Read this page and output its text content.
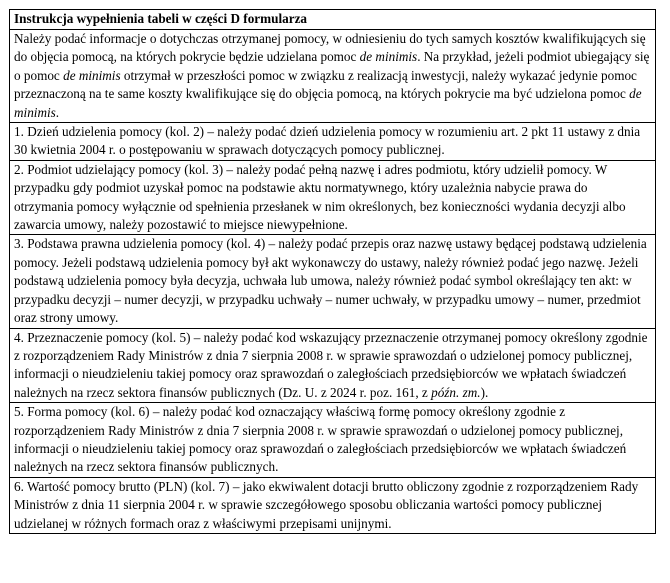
Instrukcja wypełnienia tabeli w części D formularza
Należy podać informacje o dotychczas otrzymanej pomocy, w odniesieniu do tych samych kosztów kwalifikujących się do objęcia pomocą, na których pokrycie będzie udzielana pomoc de minimis. Na przykład, jeżeli podmiot ubiegający się o pomoc de minimis otrzymał w przeszłości pomoc w związku z realizacją inwestycji, należy wykazać jedynie pomoc przeznaczoną na te same koszty kwalifikujące się do objęcia pomocą, na których pokrycie ma być udzielona pomoc de minimis.
1. Dzień udzielenia pomocy (kol. 2) – należy podać dzień udzielenia pomocy w rozumieniu art. 2 pkt 11 ustawy z dnia 30 kwietnia 2004 r. o postępowaniu w sprawach dotyczących pomocy publicznej.
2. Podmiot udzielający pomocy (kol. 3) – należy podać pełną nazwę i adres podmiotu, który udzielił pomocy. W przypadku gdy podmiot uzyskał pomoc na podstawie aktu normatywnego, który uzależnia nabycie prawa do otrzymania pomocy wyłącznie od spełnienia przesłanek w nim określonych, bez konieczności wydania decyzji albo zawarcia umowy, należy pozostawić to miejsce niewypełnione.
3. Podstawa prawna udzielenia pomocy (kol. 4) – należy podać przepis oraz nazwę ustawy będącej podstawą udzielenia pomocy. Jeżeli podstawą udzielenia pomocy był akt wykonawczy do ustawy, należy również podać jego nazwę. Jeżeli podstawą udzielenia pomocy była decyzja, uchwała lub umowa, należy również podać symbol określający ten akt: w przypadku decyzji – numer decyzji, w przypadku uchwały – numer uchwały, w przypadku umowy – numer, przedmiot oraz strony umowy.
4. Przeznaczenie pomocy (kol. 5) – należy podać kod wskazujący przeznaczenie otrzymanej pomocy określony zgodnie z rozporządzeniem Rady Ministrów z dnia 7 sierpnia 2008 r. w sprawie sprawozdań o udzielonej pomocy publicznej, informacji o nieudzieleniu takiej pomocy oraz sprawozdań o zaległościach przedsiębiorców we wpłatach świadczeń należnych na rzecz sektora finansów publicznych (Dz. U. z 2024 r. poz. 161, z późn. zm.).
5. Forma pomocy (kol. 6) – należy podać kod oznaczający właściwą formę pomocy określony zgodnie z rozporządzeniem Rady Ministrów z dnia 7 sierpnia 2008 r. w sprawie sprawozdań o udzielonej pomocy publicznej, informacji o nieudzieleniu takiej pomocy oraz sprawozdań o zaległościach przedsiębiorców we wpłatach świadczeń należnych na rzecz sektora finansów publicznych.
6. Wartość pomocy brutto (PLN) (kol. 7) – jako ekwiwalent dotacji brutto obliczony zgodnie z rozporządzeniem Rady Ministrów z dnia 11 sierpnia 2004 r. w sprawie szczegółowego sposobu obliczania wartości pomocy publicznej udzielanej w różnych formach oraz z właściwymi przepisami unijnymi.
